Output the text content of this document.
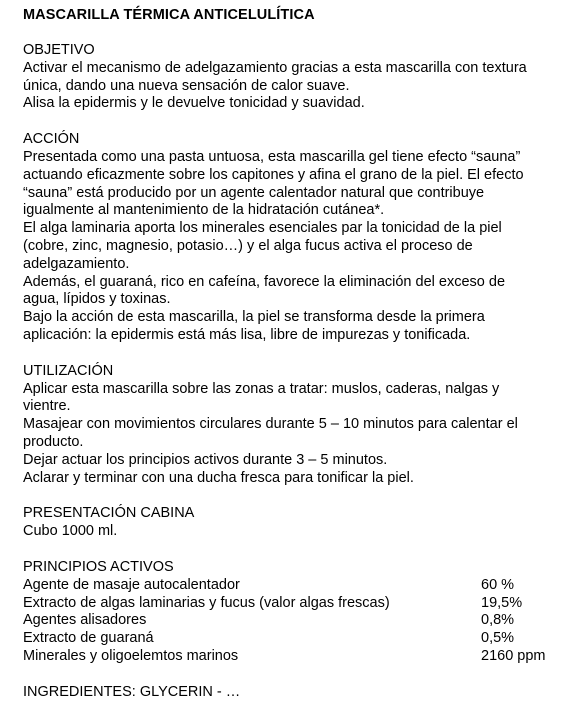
MASCARILLA TÉRMICA ANTICELULÍTICA

OBJETIVO

Activar el mecanismo de adelgazamiento gracias a esta mascarilla con textura

única, dando una nueva sensación de calor suave.

Alisa la epidermis y le devuelve tonicidad y suavidad.

ACCIÓN

Presentada como una pasta untuosa, esta mascarilla gel tiene efecto “sauna”

actuando eficazmente sobre los capitones y afina el grano de la piel. El efecto

“sauna” está producido por un agente calentador natural que contribuye

igualmente al mantenimiento de la hidratación cutánea*.

El alga laminaria aporta los minerales esenciales par la tonicidad de la piel

(cobre, zinc, magnesio, potasio…) y el alga fucus activa el proceso de

adelgazamiento.

Además, el guaraná, rico en cafeína, favorece la eliminación del exceso de

agua, lípidos y toxinas.

Bajo la acción de esta mascarilla, la piel se transforma desde la primera

aplicación: la epidermis está más lisa, libre de impurezas y tonificada.

UTILIZACIÓN

Aplicar esta mascarilla sobre las zonas a tratar: muslos, caderas, nalgas y

vientre.

Masajear con movimientos circulares durante 5 – 10 minutos para calentar el

producto.

Dejar actuar los principios activos durante 3 – 5 minutos.

Aclarar y terminar con una ducha fresca para tonificar la piel.

PRESENTACIÓN CABINA

Cubo 1000 ml.

PRINCIPIOS ACTIVOS

Agente de masaje autocalentador	60 %
Extracto de algas laminarias y fucus (valor algas frescas)	19,5%
Agentes alisadores	0,8%
Extracto de guaraná	0,5%
Minerales y oligoelemtos marinos	2160 ppm

INGREDIENTES: GLYCERIN - …
